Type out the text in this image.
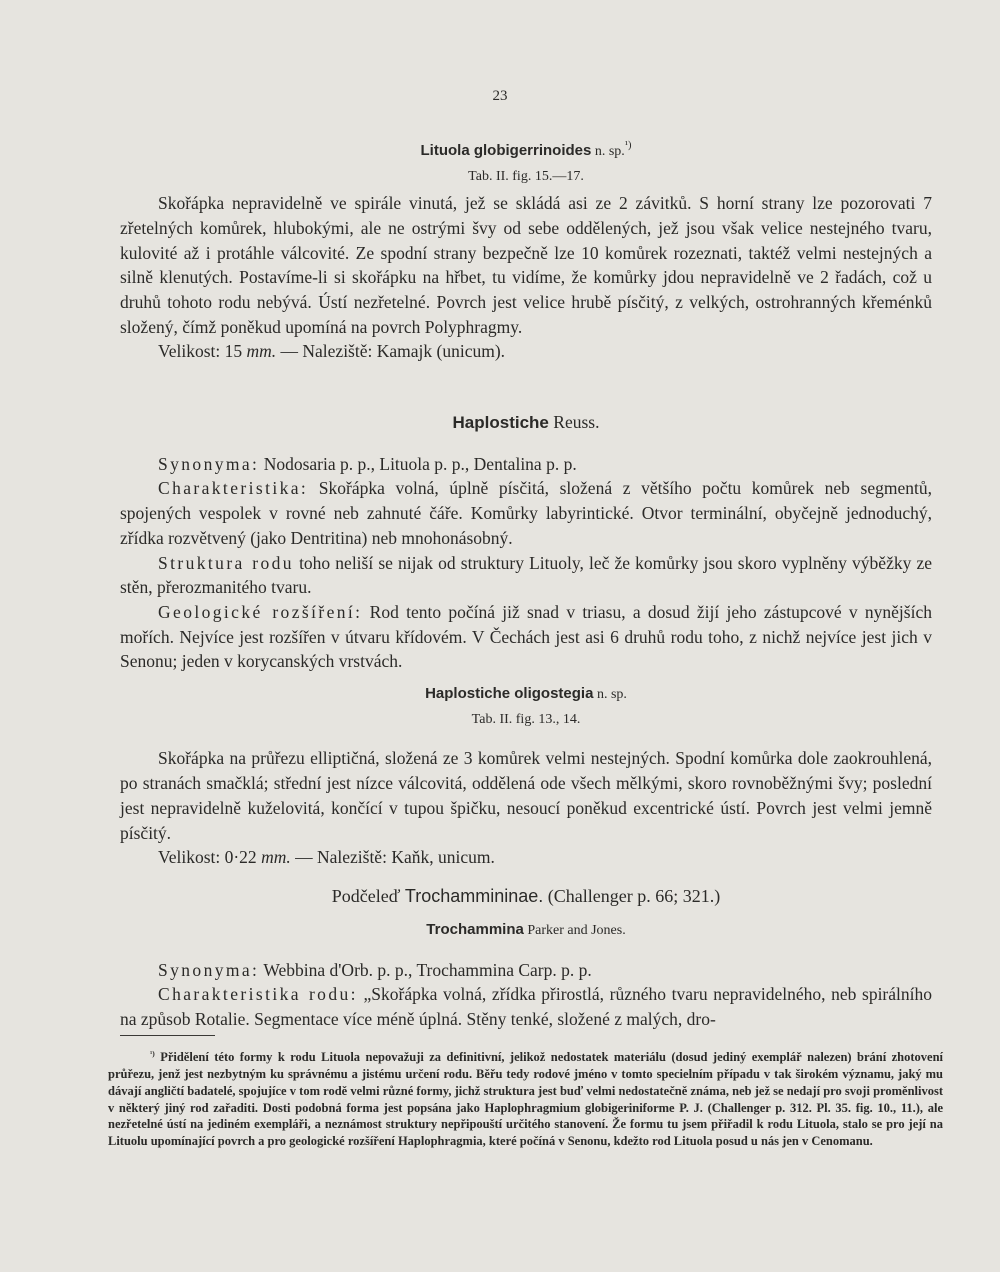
23

Lituola globigerrinoides n. sp.$^{^1)}$

Tab. II. fig. 15.—17.

Skořápka nepravidelně ve spirále vinutá, jež se skládá asi ze 2 závitků. S horní strany lze pozorovati 7 zřetelných komůrek, hlubokými, ale ne ostrými švy od sebe oddělených, jež jsou však velice nestejného tvaru, kulovité až i protáhle válcovité. Ze spodní strany bezpečně lze 10 komůrek rozeznati, taktéž velmi nestejných a silně klenutých. Postavíme-li si skořápku na hřbet, tu vidíme, že komůrky jdou nepravidelně ve 2 řadách, což u druhů tohoto rodu nebývá. Ústí nezřetelné. Povrch jest velice hrubě písčitý, z velkých, ostrohranných křeménků složený, čímž poněkud upomíná na povrch Polyphragmy.

Velikost: 15 mm. — Naleziště: Kamajk (unicum).

Haplostiche Reuss.

Synonyma: Nodosaria p. p., Lituola p. p., Dentalina p. p.

Charakteristika: Skořápka volná, úplně písčitá, složená z většího počtu komůrek neb segmentů, spojených vespolek v rovné neb zahnuté čáře. Komůrky labyrintické. Otvor terminální, obyčejně jednoduchý, zřídka rozvětvený (jako Dentritina) neb mnohonásobný.

Struktura rodu toho neliší se nijak od struktury Lituoly, leč že komůrky jsou skoro vyplněny výběžky ze stěn, přerozmanitého tvaru.

Geologické rozšíření: Rod tento počíná již snad v triasu, a dosud žijí jeho zástupcové v nynějších mořích. Nejvíce jest rozšířen v útvaru křídovém. V Čechách jest asi 6 druhů rodu toho, z nichž nejvíce jest jich v Senonu; jeden v korycanských vrstvách.

Haplostiche oligostegia n. sp.

Tab. II. fig. 13., 14.

Skořápka na průřezu elliptičná, složená ze 3 komůrek velmi nestejných. Spodní komůrka dole zaokrouhlená, po stranách smačklá; střední jest nízce válcovitá, oddělená ode všech mělkými, skoro rovnoběžnými švy; poslední jest nepravidelně kuželovitá, končící v tupou špičku, nesoucí poněkud excentrické ústí. Povrch jest velmi jemně písčitý.

Velikost: 0·22 mm. — Naleziště: Kaňk, unicum.

Podčeleď Trochammininae. (Challenger p. 66; 321.)

Trochammina Parker and Jones.

Synonyma: Webbina d'Orb. p. p., Trochammina Carp. p. p.

Charakteristika rodu: „Skořápka volná, zřídka přirostlá, různého tvaru nepravidelného, neb spirálního na způsob Rotalie. Segmentace více méně úplná. Stěny tenké, složené z malých, dro-

$^{^1)}$ Přidělení této formy k rodu Lituola nepovažuji za definitivní, jelikož nedostatek materiálu (dosud jediný exemplář nalezen) brání zhotovení průřezu, jenž jest nezbytným ku správnému a jistému určení rodu. Běřu tedy rodové jméno v tomto specielním případu v tak širokém významu, jaký mu dávají angličtí badatelé, spojujíce v tom rodě velmi různé formy, jichž struktura jest buď velmi nedostatečně známa, neb jež se nedají pro svoji proměnlivost v některý jiný rod zařaditi. Dosti podobná forma jest popsána jako Haplophragmium globigeriniforme P. J. (Challenger p. 312. Pl. 35. fig. 10., 11.), ale nezřetelné ústí na jediném exempláři, a neznámost struktury nepřipouští určitého stanovení. Že formu tu jsem přiřadil k rodu Lituola, stalo se pro její na Lituolu upomínající povrch a pro geologické rozšíření Haplophragmia, které počíná v Senonu, kdežto rod Lituola posud u nás jen v Cenomanu.
